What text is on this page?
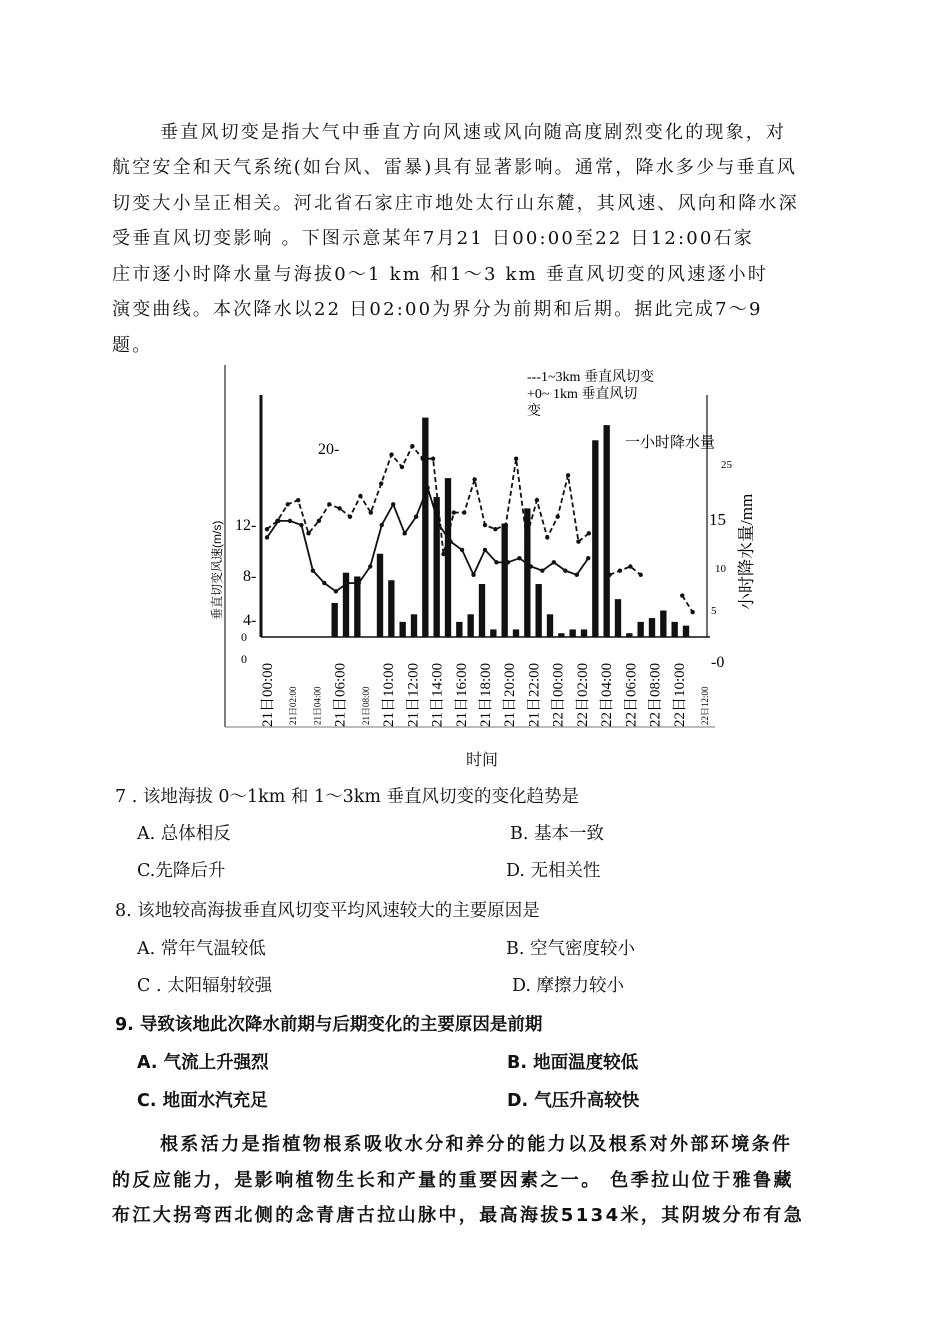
垂直风切变是指大气中垂直方向风速或风向随高度剧烈变化的现象，对
航空安全和天气系统(如台风、雷暴)具有显著影响。通常，降水多少与垂直风
切变大小呈正相关。河北省石家庄市地处太行山东麓，其风速、风向和降水深
受垂直风切变影响 。下图示意某年7月21 日00:00至22 日12:00石家
庄市逐小时降水量与海拔0～1 km 和1～3 km 垂直风切变的风速逐小时
演变曲线。本次降水以22 日02:00为界分为前期和后期。据此完成7～9
题。
21日00:00 21日02:00 21日04:00 21日06:00 21日08:00 21日10:00 21日12:00 21日14:00 21日16:00 21日18:00 21日20:00 21日22:00 22日00:00 22日02:00 22日04:00 22日06:00 22日08:00 22日10:00 22日12:00
---1~3km 垂直风切变
+0~ 1km 垂直风切
变
一小时降水量
20-
12-
8-
4-
0
0
垂直切变风速(m/s)
25
15
10
5
-0
小时降水量/mm
时间
7 . 该地海拔 0～1km 和 1～3km 垂直风切变的变化趋势是
A. 总体相反	B. 基本一致
C.先降后升	D. 无相关性
8. 该地较高海拔垂直风切变平均风速较大的主要原因是
A. 常年气温较低	B. 空气密度较小
C . 太阳辐射较强	D. 摩擦力较小
9. 导致该地此次降水前期与后期变化的主要原因是前期
A. 气流上升强烈	B. 地面温度较低
C. 地面水汽充足	D. 气压升高较快
根系活力是指植物根系吸收水分和养分的能力以及根系对外部环境条件
的反应能力，是影响植物生长和产量的重要因素之一。 色季拉山位于雅鲁藏
布江大拐弯西北侧的念青唐古拉山脉中，最高海拔5134米，其阴坡分布有急
